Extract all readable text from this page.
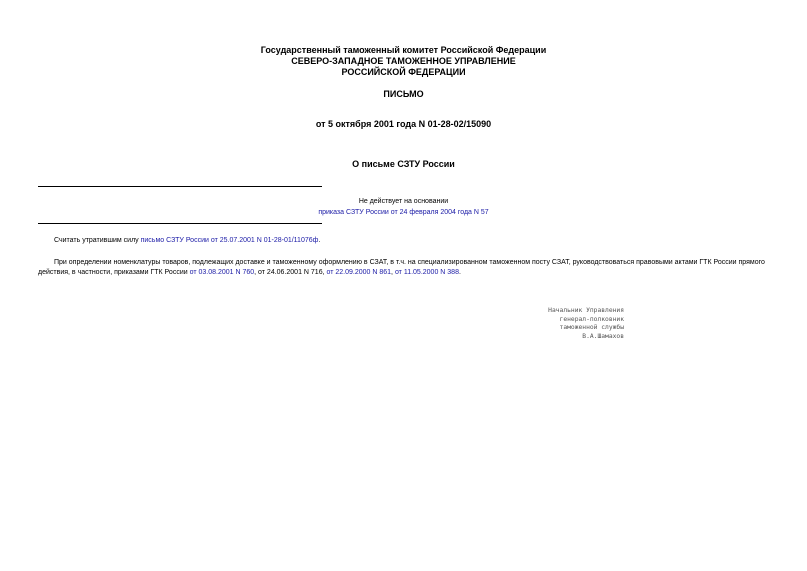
Государственный таможенный комитет Российской Федерации
СЕВЕРО-ЗАПАДНОЕ ТАМОЖЕННОЕ УПРАВЛЕНИЕ
РОССИЙСКОЙ ФЕДЕРАЦИИ
ПИСЬМО
от 5 октября 2001 года N 01-28-02/15090
О письме СЗТУ России
Не действует на основании
приказа СЗТУ России от 24 февраля 2004 года N 57
Считать утратившим силу письмо СЗТУ России от 25.07.2001 N 01-28-01/11076ф.
При определении номенклатуры товаров, подлежащих доставке и таможенному оформлению в СЗАТ, в т.ч. на специализированном таможенном посту СЗАТ, руководствоваться правовыми актами ГТК России прямого действия, в частности, приказами ГТК России от 03.08.2001 N 760, от 24.06.2001 N 716, от 22.09.2000 N 861, от 11.05.2000 N 388.
Начальник Управления
генерал-полковник
таможенной службы
В.А.Шамахов
